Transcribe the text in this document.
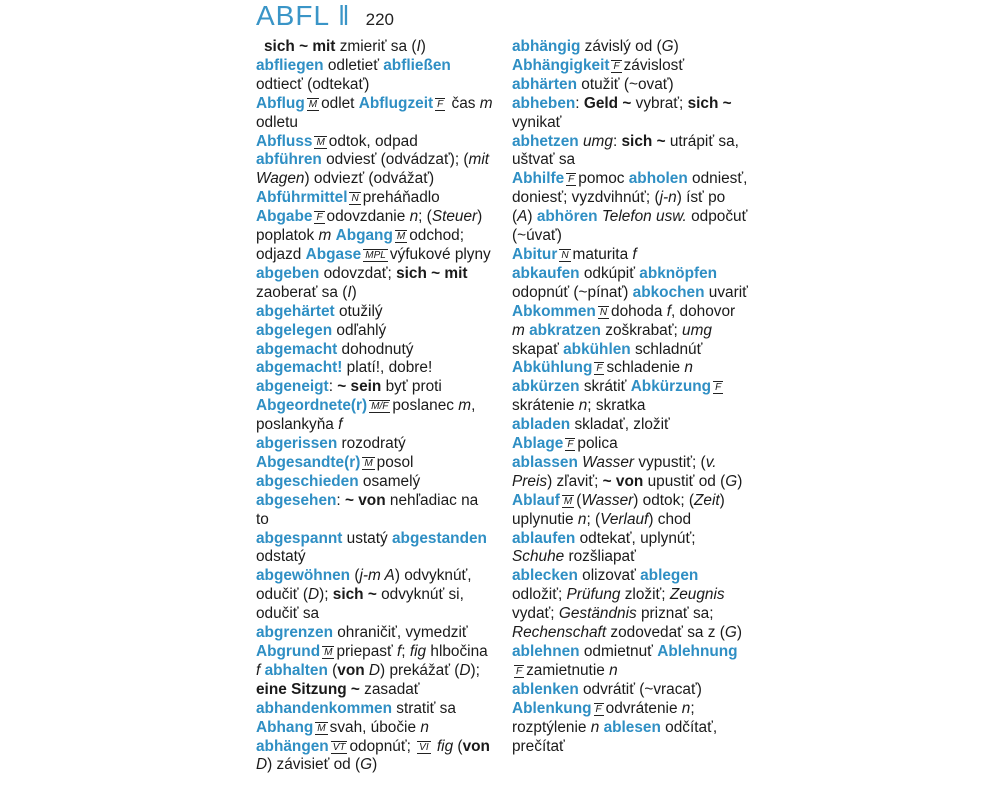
ABFL ‖ 220
sich ~ mit zmieriť sa (I)
abfliegen odletieť abfließen odtiecť (odtekať)
Abflug M odlet Abflugzeit F čas m odletu
Abfluss M odtok, odpad
abführen odviesť (odvádzať); (mit Wagen) odviezť (odvážať) Abführmittel N preháňadlo
Abgabe F odovzdanie n; (Steuer) poplatok m Abgang M odchod; odjazd Abgase MPL výfukové plyny abgeben odovzdať; sich ~ mit zaoberať sa (I)
abgehärtet otužilý
abgelegen odľahlý
abgemacht dohodnutý abgemacht! platí!, dobre!
abgeneigt: ~ sein byť proti
Abgeordnete(r) M/F poslanec m, poslankyňa f
abgerissen rozodratý Abgesandte(r) M posol abgeschieden osamelý
abgesehen: ~ von nehľadiac na to
abgespannt ustatý abgestanden odstatý
abgewöhnen (j-m A) odvyknúť, odučiť (D); sich ~ odvyknúť si, odučiť sa
abgrenzen ohraničiť, vymedziť Abgrund M priepasť f; fig hlbočina f abhalten (von D) prekážať (D); eine Sitzung ~ zasadať
abhandenkommen stratiť sa
Abhang M svah, úbočie n
abhängen VT odopnúť; VI fig (von D) závisieť od (G)
abhängig závislý od (G) Abhängigkeit F závislosť
abhärten otužiť (~ovať)
abheben: Geld ~ vybrať; sich ~ vynikať
abhetzen umg: sich ~ utrápiť sa, uštvať sa
Abhilfe F pomoc abholen odniesť, doniesť; vyzdvihnúť; (j-n) ísť po (A) abhören Telefon usw. odpočuť (~úvať)
Abitur N maturita f
abkaufen odkúpiť abknöpfen odopnúť (~pínať) abkochen uvariť Abkommen N dohoda f, dohovor m abkratzen zoškrabať; umg skapať abkühlen schladnúť Abkühlung F schladenie n
abkürzen skrátiť Abkürzung Fskrátenie n; skratka
abladen skladať, zložiť
Ablage F polica
ablassen Wasser vypustiť; (v. Preis) zľaviť; ~ von upustiť od (G)
Ablauf M (Wasser) odtok; (Zeit) uplynutie n; (Verlauf) chod ablaufen odtekať, uplynúť; Schuhe rozšliapať
ablecken olizovať ablegen odložiť; Prüfung zložiť; Zeugnis vydať; Geständnis priznať sa; Rechenschaft zodovedať sa z (G) ablehnen odmietnuť AblehnungF zamietnutie n
ablenken odvrátiť (~vracať) Ablenkung F odvrátenie n; rozptýlenie n ablesen odčítať, prečítať
